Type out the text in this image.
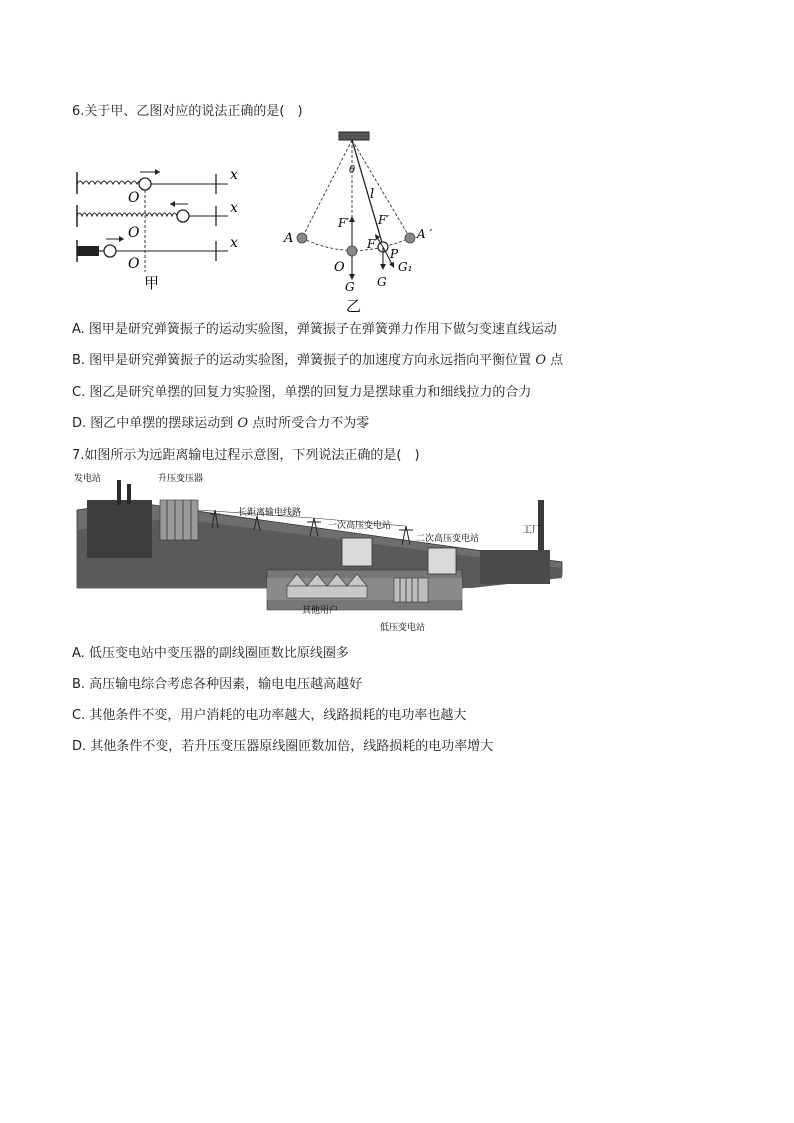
6.关于甲、乙图对应的说法正确的是(　)
x
x
x
O
O
O
甲
θ
l
A	A ′
F′ F′
F
P
O
G G
G₁
乙
A. 图甲是研究弹簧振子的运动实验图，弹簧振子在弹簧弹力作用下做匀变速直线运动
B. 图甲是研究弹簧振子的运动实验图，弹簧振子的加速度方向永远指向平衡位置 O 点
C. 图乙是研究单摆的回复力实验图，单摆的回复力是摆球重力和细线拉力的合力
D. 图乙中单摆的摆球运动到 O 点时所受合力不为零
7.如图所示为远距离输电过程示意图，下列说法正确的是(　)
发电站	升压变压器
长距离输电线路
一次高压变电站
二次高压变电站
工厂
其他用户
低压变电站
A. 低压变电站中变压器的副线圈匝数比原线圈多
B. 高压输电综合考虑各种因素，输电电压越高越好
C. 其他条件不变，用户消耗的电功率越大，线路损耗的电功率也越大
D. 其他条件不变，若升压变压器原线圈匝数加倍，线路损耗的电功率增大
